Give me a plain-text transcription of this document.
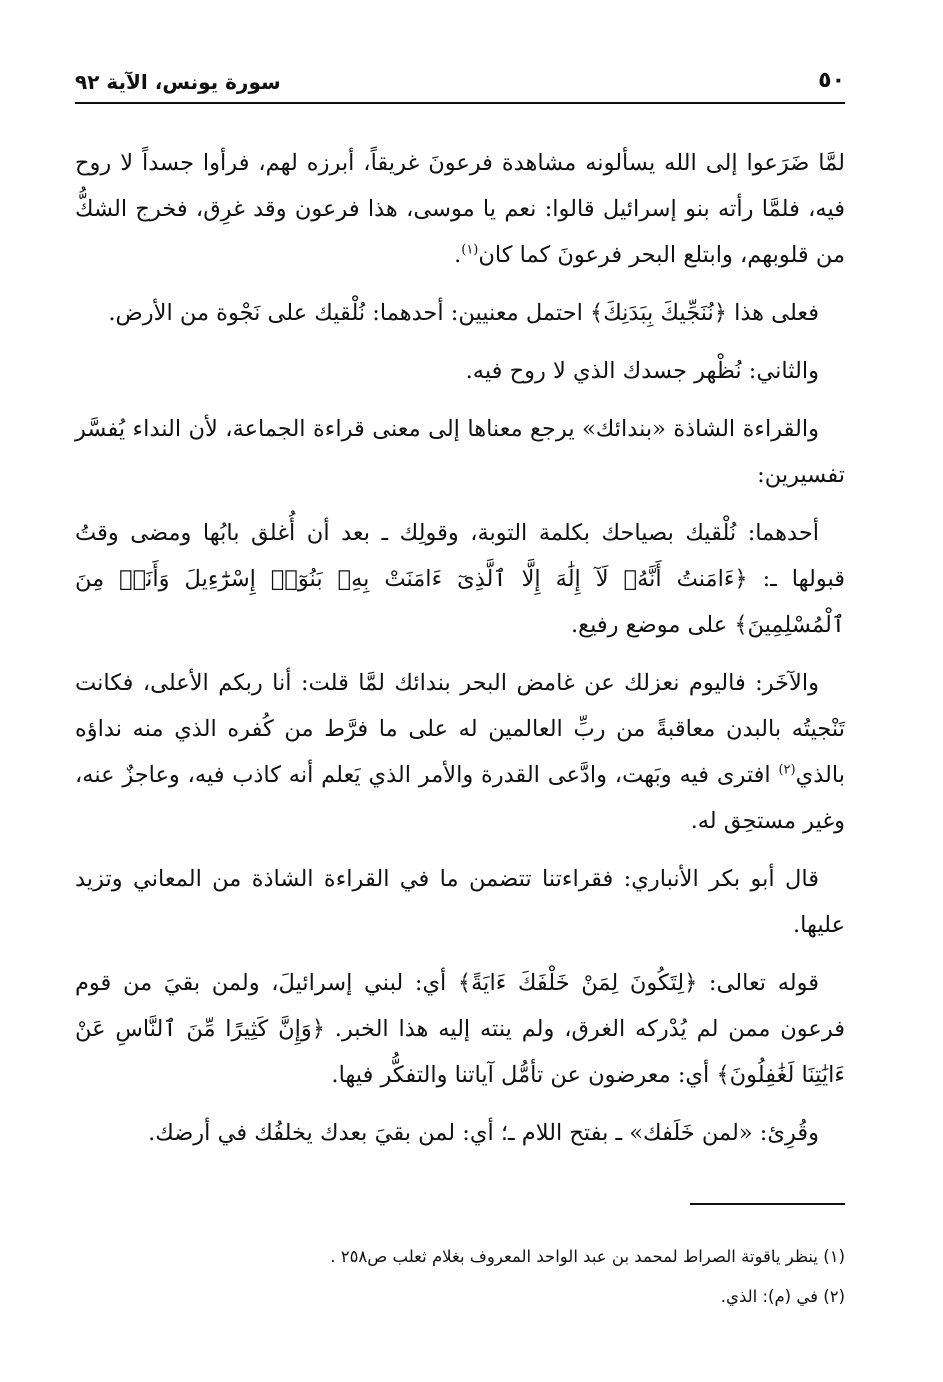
٥٠
سورة يونس، الآية ٩٢

لمَّا ضَرَعوا إلى الله يسألونه مشاهدة فرعونَ غريقاً، أبرزه لهم، فرأوا جسداً لا روح فيه، فلمَّا رأته بنو إسرائيل قالوا: نعم يا موسى، هذا فرعون وقد غرِق، فخرج الشكُّ من قلوبهم، وابتلع البحر فرعونَ كما كان$^{(١)}$.

فعلى هذا ﴿نُنَجِّيكَ بِبَدَنِكَ﴾ احتمل معنيين: أحدهما: نُلْقيك على نَجْوة من الأرض.

والثاني: نُظْهر جسدك الذي لا روح فيه.

والقراءة الشاذة «بندائك» يرجع معناها إلى معنى قراءة الجماعة، لأن النداء يُفسَّر تفسيرين:

أحدهما: نُلْقيك بصياحك بكلمة التوبة، وقولِك ـ بعد أن أُغلق بابُها ومضى وقتُ قبولها ـ: ﴿ءَامَنتُ أَنَّهُۥ لَآ إِلَٰهَ إِلَّا ٱلَّذِىٓ ءَامَنَتْ بِهِۦ بَنُوٓا۟ إِسْرَٰٓءِيلَ وَأَنَا۠ مِنَ ٱلْمُسْلِمِينَ﴾ على موضع رفيع.

والآخَر: فاليوم نعزلك عن غامض البحر بندائك لمَّا قلت: أنا ربكم الأعلى، فكانت تَنْجيتُه بالبدن معاقبةً من ربِّ العالمين له على ما فرَّط من كُفره الذي منه نداؤه بالذي$^{(٢)}$ افترى فيه وبَهت، وادَّعى القدرة والأمر الذي يَعلم أنه كاذب فيه، وعاجزٌ عنه، وغير مستحِق له.

قال أبو بكر الأنباري: فقراءتنا تتضمن ما في القراءة الشاذة من المعاني وتزيد عليها.

قوله تعالى: ﴿لِتَكُونَ لِمَنْ خَلْفَكَ ءَايَةً﴾ أي: لبني إسرائيلَ، ولمن بقيَ من قوم فرعون ممن لم يُدْركه الغرق، ولم ينته إليه هذا الخبر. ﴿وَإِنَّ كَثِيرًا مِّنَ ٱلنَّاسِ عَنْ ءَايَٰتِنَا لَغَٰفِلُونَ﴾ أي: معرضون عن تأمُّل آياتنا والتفكُّر فيها.

وقُرِئ: «لمن خَلَفك» ـ بفتح اللام ـ؛ أي: لمن بقيَ بعدك يخلفُك في أرضك.

(١) ينظر ياقوتة الصراط لمحمد بن عبد الواحد المعروف بغلام ثعلب ص٢٥٨ .
(٢) في (م): الذي.
